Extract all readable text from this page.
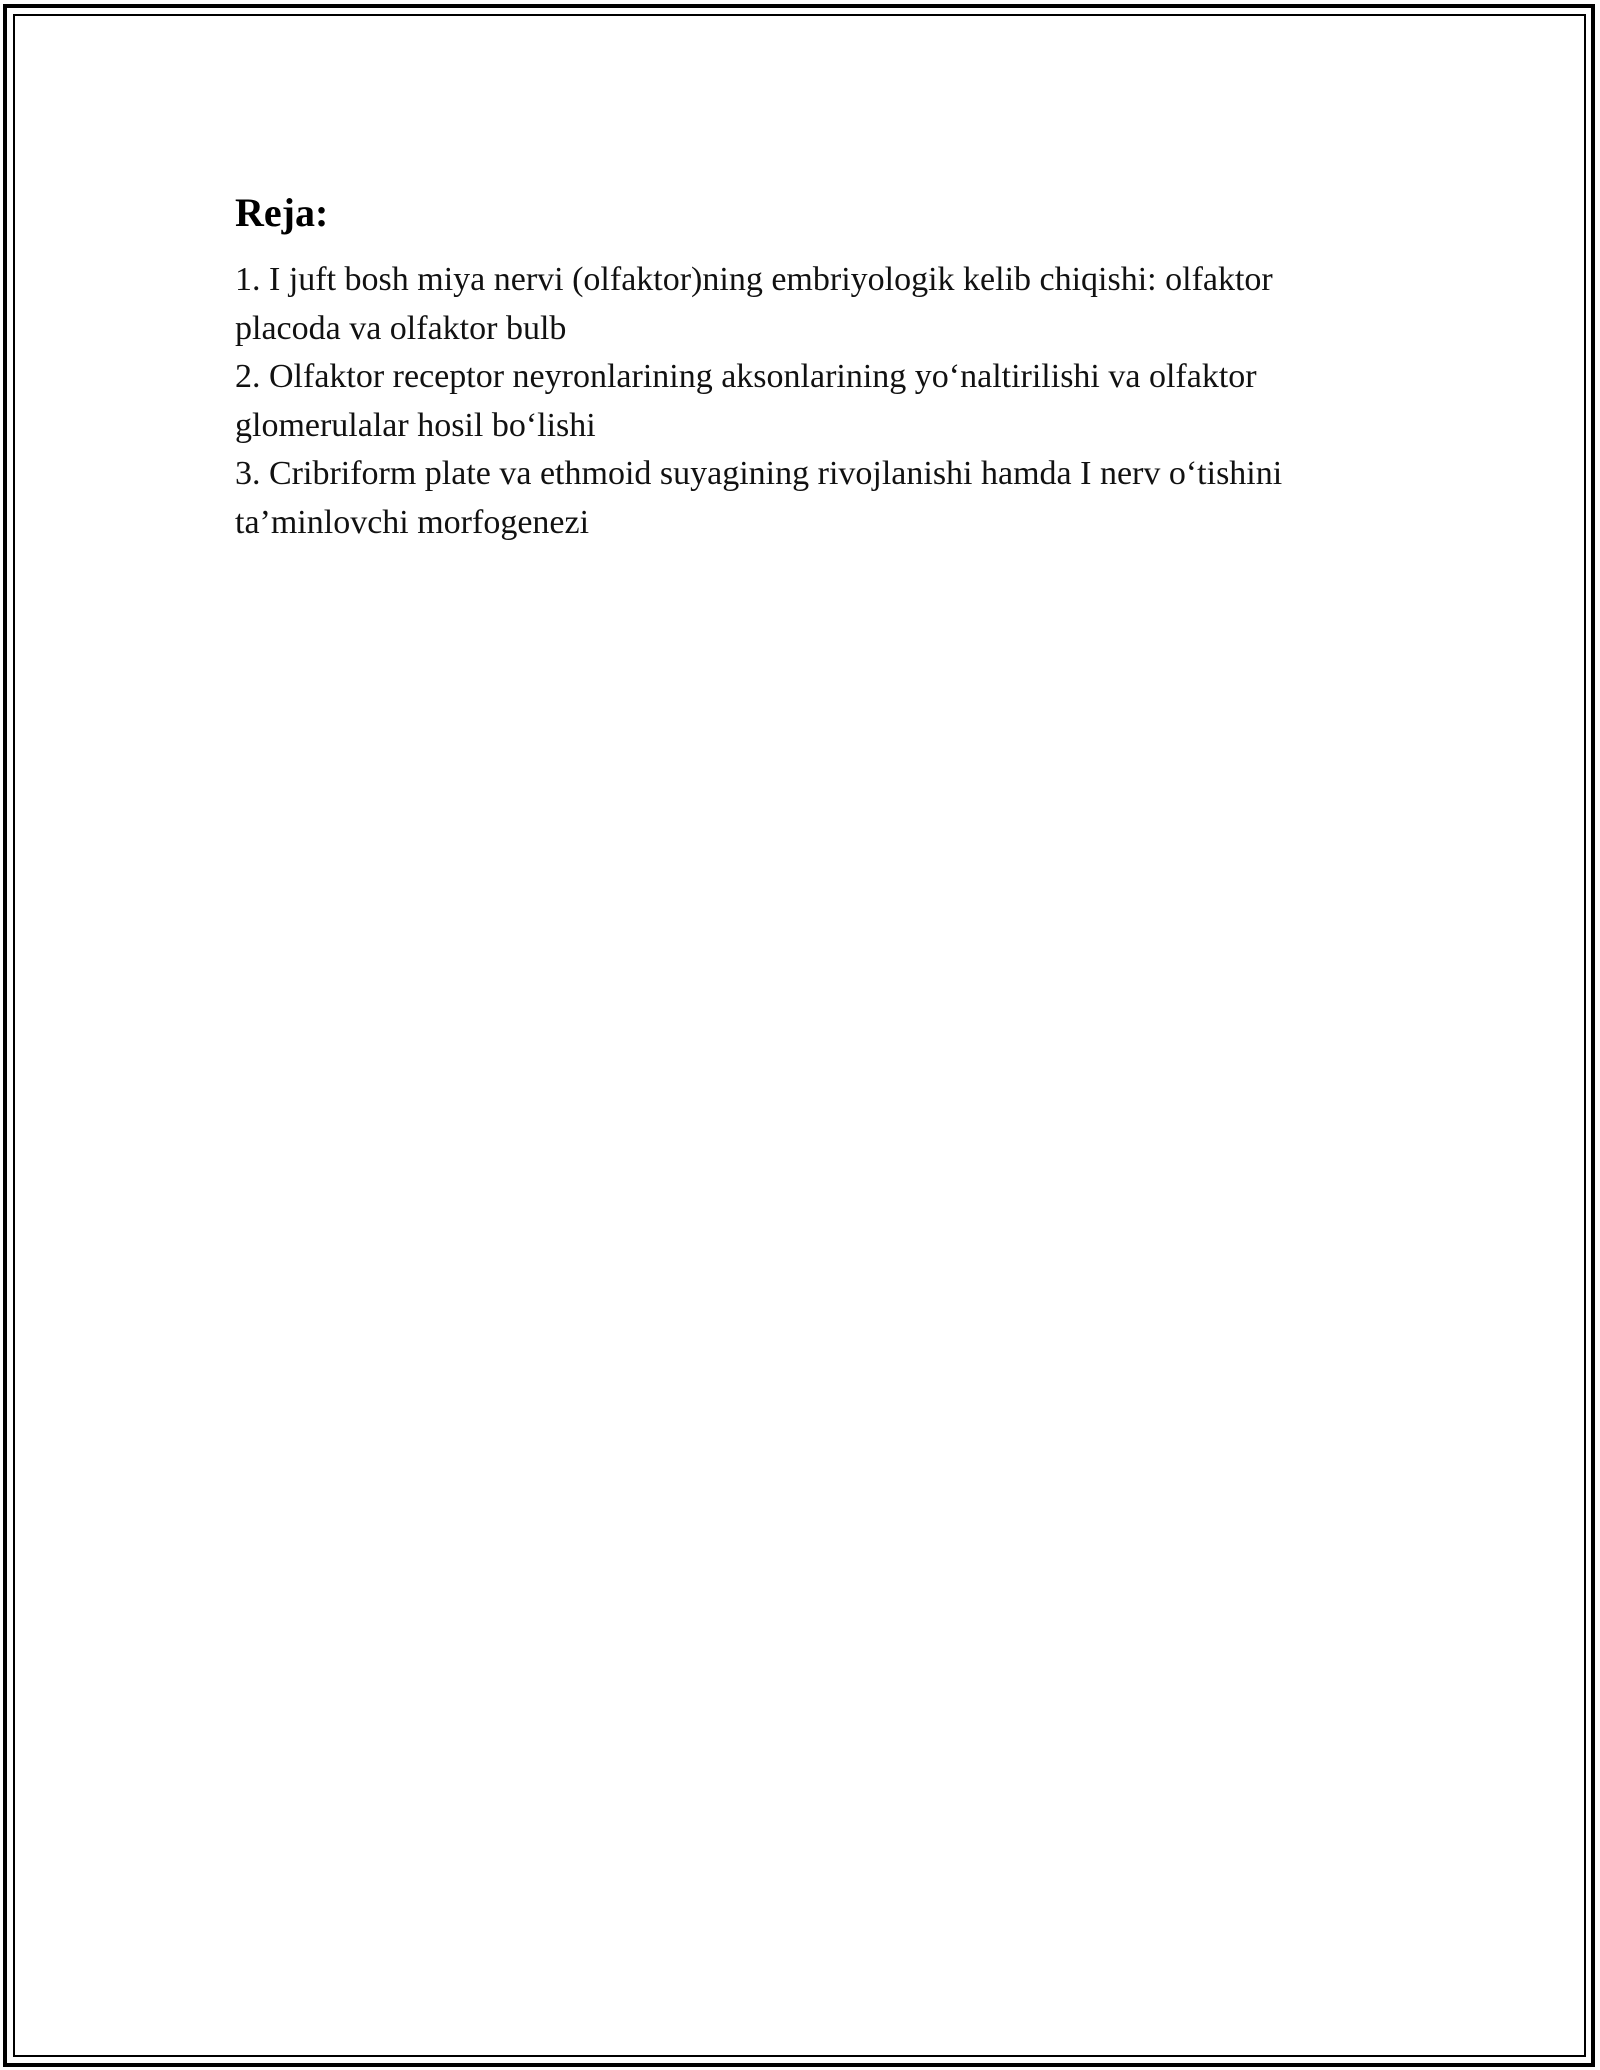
Reja:
1. I juft bosh miya nervi (olfaktor)ning embriyologik kelib chiqishi: olfaktor placoda va olfaktor bulb
2. Olfaktor receptor neyronlarining aksonlarining yo‘naltirilishi va olfaktor glomerulalar hosil bo‘lishi
3. Cribriform plate va ethmoid suyagining rivojlanishi hamda I nerv o‘tishini ta’minlovchi morfogenezi
